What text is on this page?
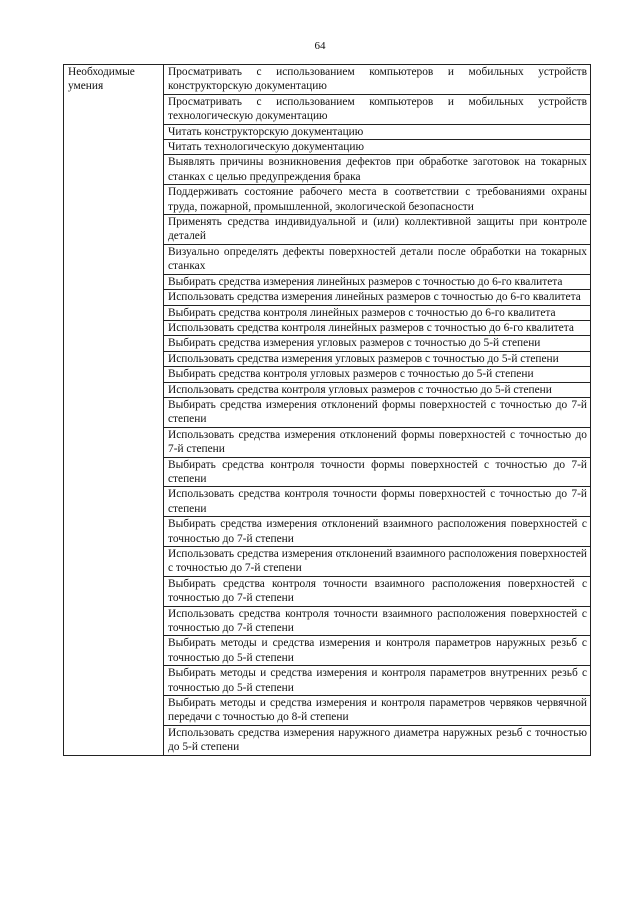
64
Необходимые умения	Просматривать с использованием компьютеров и мобильных устройств конструкторскую документацию
Просматривать с использованием компьютеров и мобильных устройств технологическую документацию
Читать конструкторскую документацию
Читать технологическую документацию
Выявлять причины возникновения дефектов при обработке заготовок на токарных станках с целью предупреждения брака
Поддерживать состояние рабочего места в соответствии с требованиями охраны труда, пожарной, промышленной, экологической безопасности
Применять средства индивидуальной и (или) коллективной защиты при контроле деталей
Визуально определять дефекты поверхностей детали после обработки на токарных станках
Выбирать средства измерения линейных размеров с точностью до 6-го квалитета
Использовать средства измерения линейных размеров с точностью до 6-го квалитета
Выбирать средства контроля линейных размеров с точностью до 6-го квалитета
Использовать средства контроля линейных размеров с точностью до 6-го квалитета
Выбирать средства измерения угловых размеров с точностью до 5-й степени
Использовать средства измерения угловых размеров с точностью до 5-й степени
Выбирать средства контроля угловых размеров с точностью до 5-й степени
Использовать средства контроля угловых размеров с точностью до 5-й степени
Выбирать средства измерения отклонений формы поверхностей с точностью до 7-й степени
Использовать средства измерения отклонений формы поверхностей с точностью до 7-й степени
Выбирать средства контроля точности формы поверхностей с точностью до 7-й степени
Использовать средства контроля точности формы поверхностей с точностью до 7-й степени
Выбирать средства измерения отклонений взаимного расположения поверхностей с точностью до 7-й степени
Использовать средства измерения отклонений взаимного расположения поверхностей с точностью до 7-й степени
Выбирать средства контроля точности взаимного расположения поверхностей с точностью до 7-й степени
Использовать средства контроля точности взаимного расположения поверхностей с точностью до 7-й степени
Выбирать методы и средства измерения и контроля параметров наружных резьб с точностью до 5-й степени
Выбирать методы и средства измерения и контроля параметров внутренних резьб с точностью до 5-й степени
Выбирать методы и средства измерения и контроля параметров червяков червячной передачи с точностью до 8-й степени
Использовать средства измерения наружного диаметра наружных резьб с точностью до 5-й степени
